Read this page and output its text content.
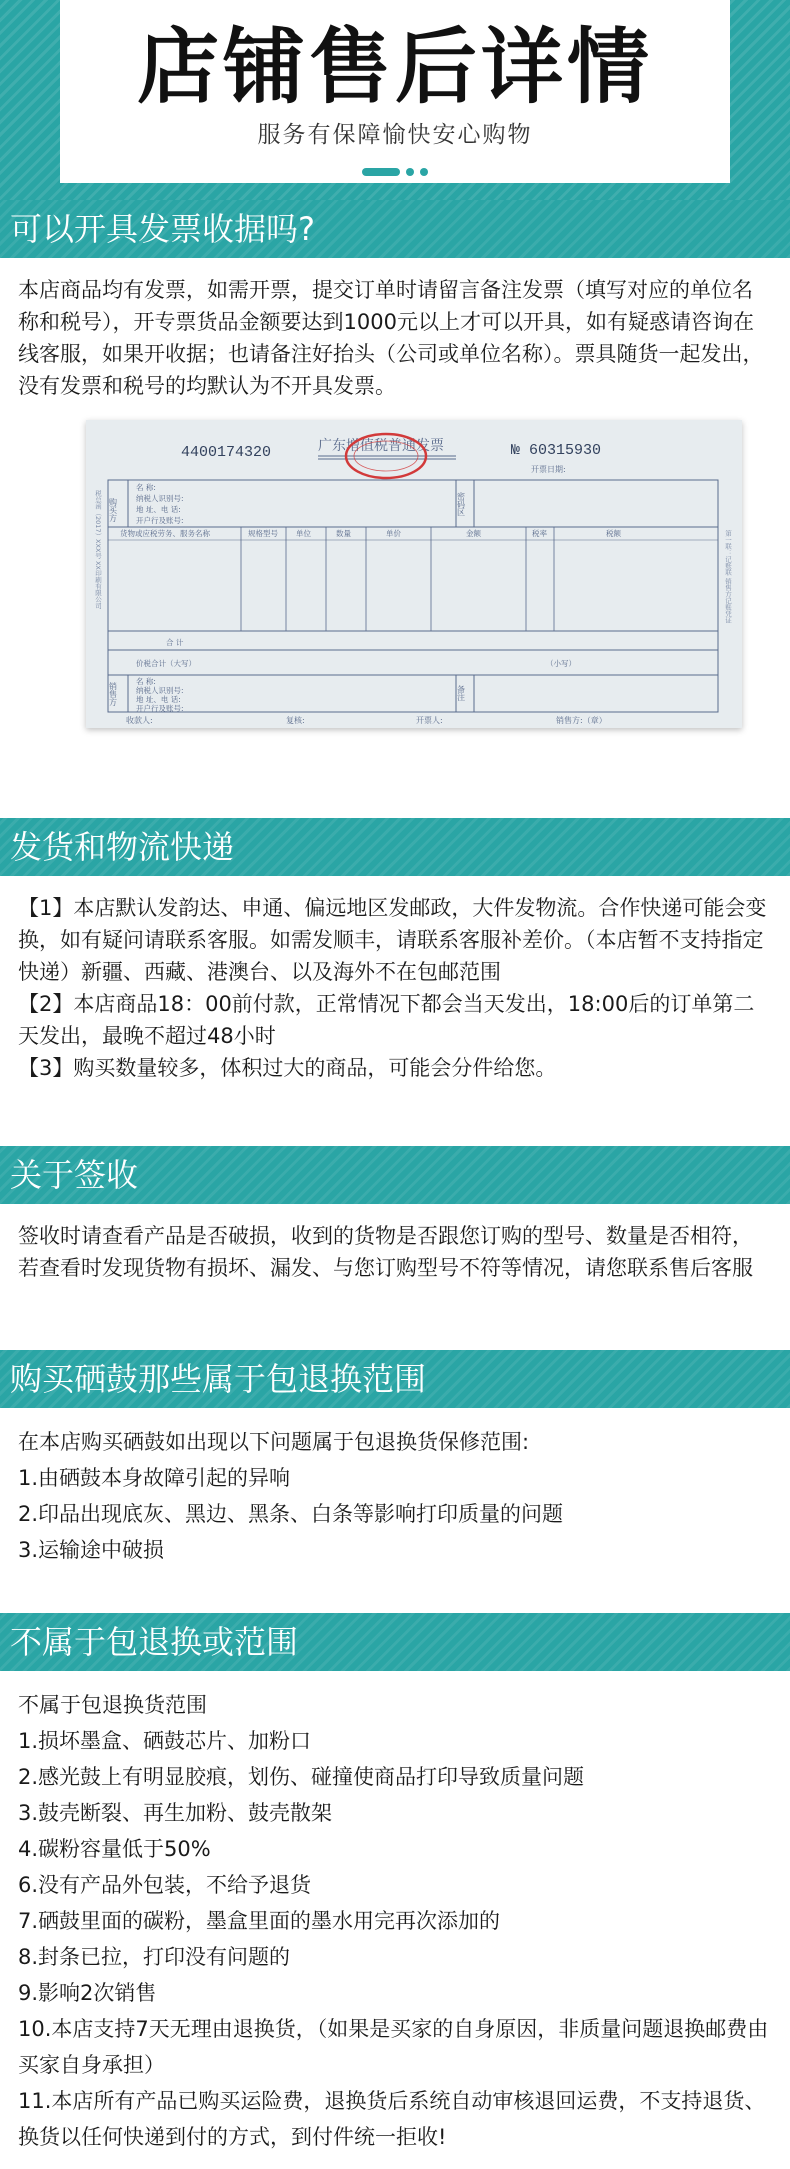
店铺售后详情
服务有保障愉快安心购物
可以开具发票收据吗?

本店商品均有发票，如需开票，提交订单时请留言备注发票（填写对应的单位名称和税号），开专票货品金额要达到1000元以上才可以开具，如有疑惑请咨询在线客服，如果开收据；也请备注好抬头（公司或单位名称）。票具随货一起发出，没有发票和税号的均默认为不开具发票。

4400174320	广东增值税普通发票	№ 60315930
开票日期:
购买方
名 称:
纳税人识别号:
地 址、电 话:
开户行及账号:
密码区
货物或应税劳务、服务名称	规格型号 单位	数量	单价	金额	税率	税额
合 计
价税合计（大写）	（小写）
销售方
名 称:
纳税人识别号:
地 址、电 话:
开户行及账号:
备注
收款人:	复核:	开票人:	销售方:（章）
税总函（2017）XXX号 XX印刷有限公司	第一联：记账联 销售方记账凭证
发货和物流快递

【1】本店默认发韵达、申通、偏远地区发邮政，大件发物流。合作快递可能会变换，如有疑问请联系客服。如需发顺丰，请联系客服补差价。（本店暂不支持指定快递）新疆、西藏、港澳台、以及海外不在包邮范围

【2】本店商品18：00前付款，正常情况下都会当天发出，18:00后的订单第二天发出，最晚不超过48小时

【3】购买数量较多，体积过大的商品，可能会分件给您。

关于签收

签收时请查看产品是否破损，收到的货物是否跟您订购的型号、数量是否相符，若查看时发现货物有损坏、漏发、与您订购型号不符等情况，请您联系售后客服

购买硒鼓那些属于包退换范围

在本店购买硒鼓如出现以下问题属于包退换货保修范围:

1.由硒鼓本身故障引起的异响

2.印品出现底灰、黑边、黑条、白条等影响打印质量的问题

3.运输途中破损

不属于包退换或范围

不属于包退换货范围

1.损坏墨盒、硒鼓芯片、加粉口

2.感光鼓上有明显胶痕，划伤、碰撞使商品打印导致质量问题

3.鼓壳断裂、再生加粉、鼓壳散架

4.碳粉容量低于50%

6.没有产品外包装，不给予退货

7.硒鼓里面的碳粉，墨盒里面的墨水用完再次添加的

8.封条已拉，打印没有问题的

9.影响2次销售

10.本店支持7天无理由退换货，（如果是买家的自身原因，非质量问题退换邮费由买家自身承担）

11.本店所有产品已购买运险费，退换货后系统自动审核退回运费，不支持退货、换货以任何快递到付的方式，到付件统一拒收!
